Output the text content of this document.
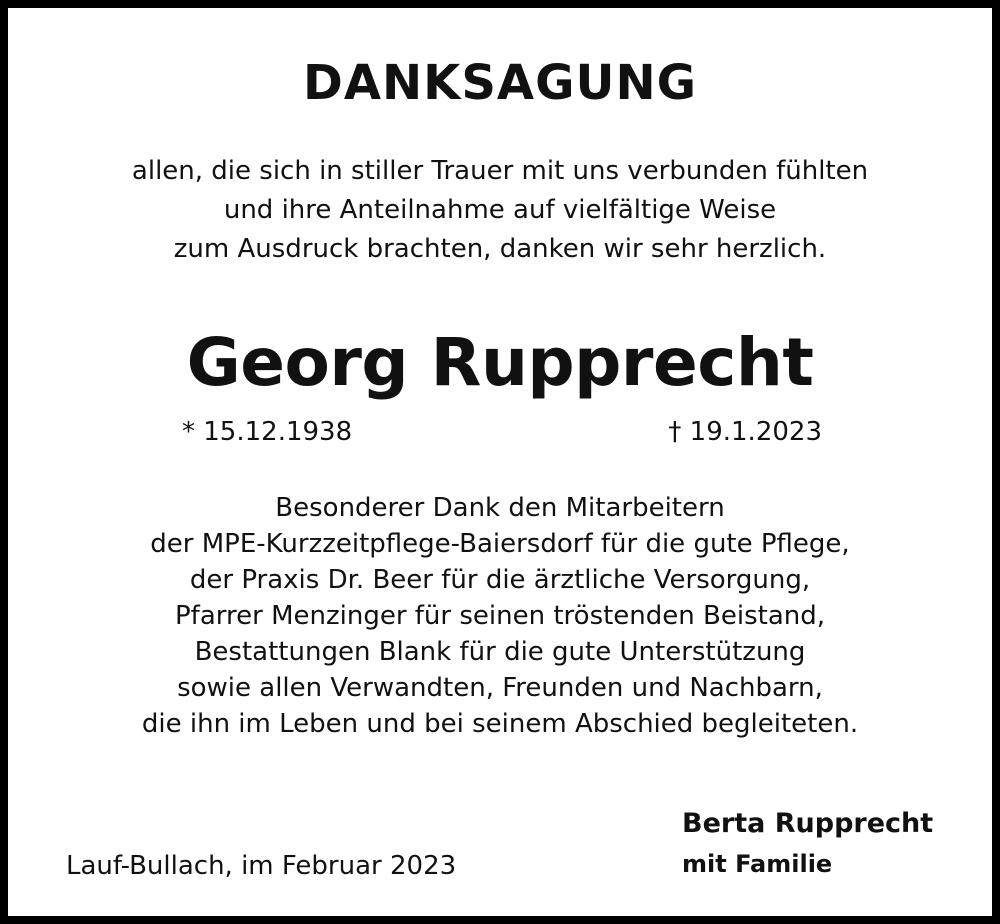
DANKSAGUNG
allen, die sich in stiller Trauer mit uns verbunden fühlten
und ihre Anteilnahme auf vielfältige Weise
zum Ausdruck brachten, danken wir sehr herzlich.
Georg Rupprecht
* 15.12.1938	† 19.1.2023
Besonderer Dank den Mitarbeitern
der MPE-Kurzzeitpflege-Baiersdorf für die gute Pflege,
der Praxis Dr. Beer für die ärztliche Versorgung,
Pfarrer Menzinger für seinen tröstenden Beistand,
Bestattungen Blank für die gute Unterstützung
sowie allen Verwandten, Freunden und Nachbarn,
die ihn im Leben und bei seinem Abschied begleiteten.
Lauf-Bullach, im Februar 2023
Berta Rupprecht
mit Familie
